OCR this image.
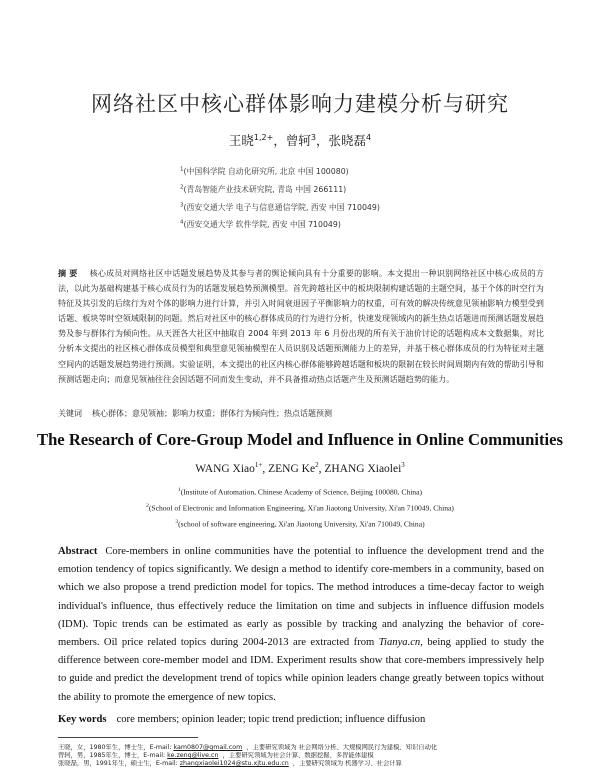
网络社区中核心群体影响力建模分析与研究
王晓$^{1,2+}$，曾轲$^3$，张晓磊$^4$
$^1$(中国科学院 自动化研究所, 北京 中国 100080)
$^2$(青岛智能产业技术研究院, 青岛 中国 266111)
$^3$(西安交通大学 电子与信息通信学院, 西安 中国 710049)
$^4$(西安交通大学 软件学院, 西安 中国 710049)
摘 要 核心成员对网络社区中话题发展趋势及其参与者的舆论倾向具有十分重要的影响。本文提出一种识别网络社区中核心成员的方法，以此为基础构建基于核心成员行为的话题发展趋势预测模型。首先跨越社区中的板块限制构建话题的主题空间，基于个体的时空行为特征及其引发的后续行为对个体的影响力进行计算，并引入时间衰退因子平衡影响力的权重，可有效的解决传统意见领袖影响力模型受到话题、板块等时空领域限制的问题。然后对社区中的核心群体成员的行为进行分析，快速发现领域内的新生热点话题进而预测话题发展趋势及参与群体行为倾向性。从天涯各大社区中抽取自 2004 年到 2013 年 6 月份出现的所有关于油价讨论的话题构成本文数据集，对比分析本文提出的社区核心群体成员模型和典型意见领袖模型在人员识别及话题预测能力上的差异，并基于核心群体成员的行为特征对主题空间内的话题发展趋势进行预测。实验证明，本文提出的社区内核心群体能够跨越话题和板块的限制在较长时间周期内有效的帮助引导和预测话题走向；而意见领袖往往会因话题不同而发生变动，并不具备推动热点话题产生及预测话题趋势的能力。
关键词 核心群体；意见领袖；影响力权重；群体行为倾向性；热点话题预测
The Research of Core-Group Model and Influence in Online Communities
WANG Xiao$^{1+}$, ZENG Ke$^2$, ZHANG Xiaolei$^3$
$^1$(Institute of Automation, Chinese Academy of Science, Beijing 100080, China)
$^2$(School of Electronic and Information Engineering, Xi'an Jiaotong University, Xi'an 710049, China)
$^3$(school of software engineering, Xi'an Jiaotong University, Xi'an 710049, China)
Abstract Core-members in online communities have the potential to influence the development trend and the emotion tendency of topics significantly. We design a method to identify core-members in a community, based on which we also propose a trend prediction model for topics. The method introduces a time-decay factor to weigh individual's influence, thus effectively reduce the limitation on time and subjects in influence diffusion models (IDM). Topic trends can be estimated as early as possible by tracking and analyzing the behavior of core-members. Oil price related topics during 2004-2013 are extracted from Tianya.cn, being applied to study the difference between core-member model and IDM. Experiment results show that core-members impressively help to guide and predict the development trend of topics while opinion leaders change greatly between topics without the ability to promote the emergence of new topics.
Key words core members; opinion leader; topic trend prediction; influence diffusion
王晓，女，1980年生，博士生，E-mail: kam0807@gmail.com ，主要研究领域为 社会网络分析、大规模网民行为建模、知识自动化
曾轲，男，1985年生，博士，E-mail: ke.zeng@live.cn ，主要研究领域为社会计算、数据挖掘、多智能体建模
张晓磊，男，1991年生，硕士生，E-mail: zhangxiaolei1024@stu.xjtu.edu.cn ，主要研究领域为 机器学习、社会计算
